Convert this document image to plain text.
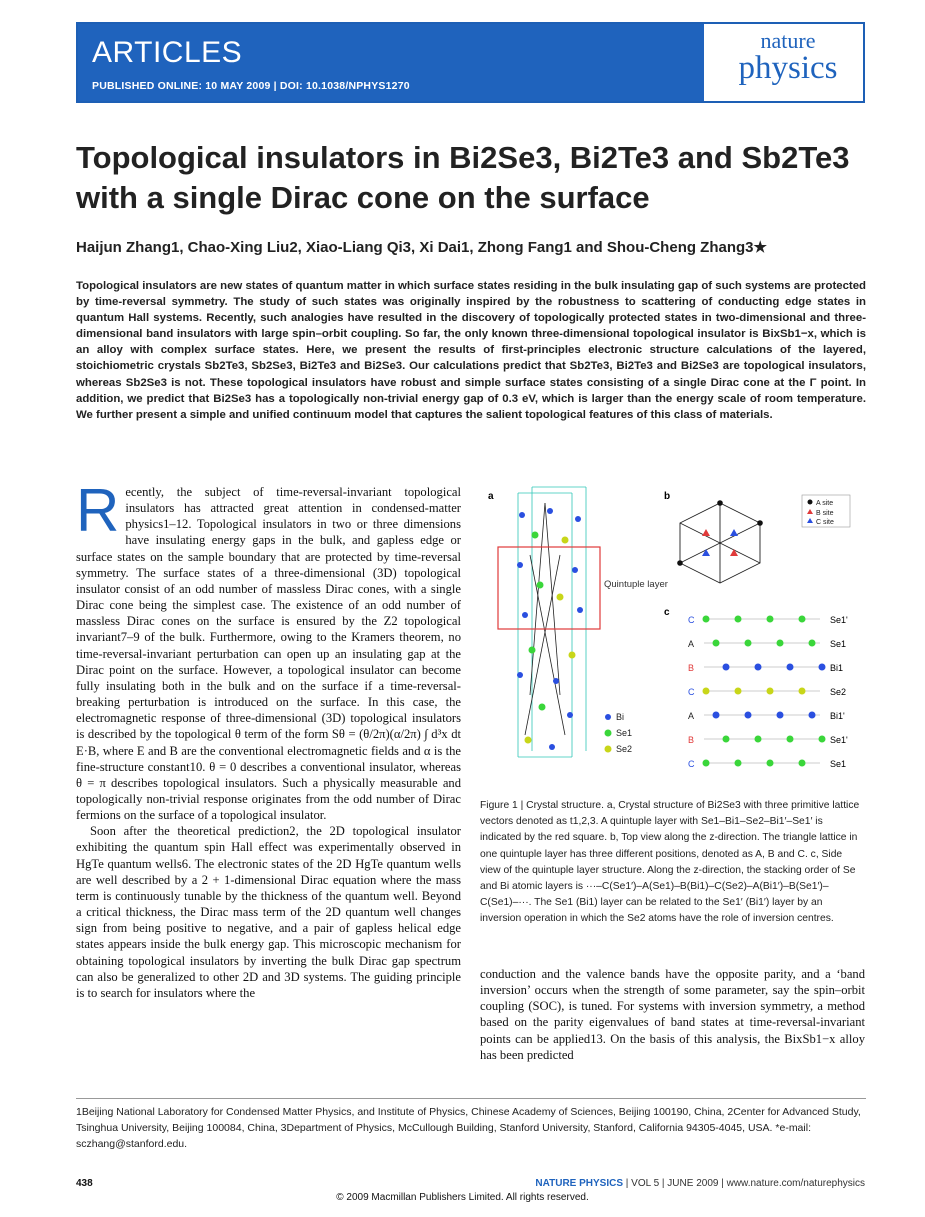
ARTICLES
PUBLISHED ONLINE: 10 MAY 2009 | DOI: 10.1038/NPHYS1270
nature
physics
Topological insulators in Bi2Se3, Bi2Te3 and Sb2Te3 with a single Dirac cone on the surface
Haijun Zhang1, Chao-Xing Liu2, Xiao-Liang Qi3, Xi Dai1, Zhong Fang1 and Shou-Cheng Zhang3★
Topological insulators are new states of quantum matter in which surface states residing in the bulk insulating gap of such systems are protected by time-reversal symmetry. The study of such states was originally inspired by the robustness to scattering of conducting edge states in quantum Hall systems. Recently, such analogies have resulted in the discovery of topologically protected states in two-dimensional and three-dimensional band insulators with large spin–orbit coupling. So far, the only known three-dimensional topological insulator is BixSb1−x, which is an alloy with complex surface states. Here, we present the results of first-principles electronic structure calculations of the layered, stoichiometric crystals Sb2Te3, Sb2Se3, Bi2Te3 and Bi2Se3. Our calculations predict that Sb2Te3, Bi2Te3 and Bi2Se3 are topological insulators, whereas Sb2Se3 is not. These topological insulators have robust and simple surface states consisting of a single Dirac cone at the Γ point. In addition, we predict that Bi2Se3 has a topologically non-trivial energy gap of 0.3 eV, which is larger than the energy scale of room temperature. We further present a simple and unified continuum model that captures the salient topological features of this class of materials.

Recently, the subject of time-reversal-invariant topological insulators has attracted great attention in condensed-matter physics1–12. Topological insulators in two or three dimensions have insulating energy gaps in the bulk, and gapless edge or surface states on the sample boundary that are protected by time-reversal symmetry. The surface states of a three-dimensional (3D) topological insulator consist of an odd number of massless Dirac cones, with a single Dirac cone being the simplest case. The existence of an odd number of massless Dirac cones on the surface is ensured by the Z2 topological invariant7–9 of the bulk. Furthermore, owing to the Kramers theorem, no time-reversal-invariant perturbation can open up an insulating gap at the Dirac point on the surface. However, a topological insulator can become fully insulating both in the bulk and on the surface if a time-reversal-breaking perturbation is introduced on the surface. In this case, the electromagnetic response of three-dimensional (3D) topological insulators is described by the topological θ term of the form Sθ = (θ/2π)(α/2π) ∫ d³x dt E·B, where E and B are the conventional electromagnetic fields and α is the fine-structure constant10. θ = 0 describes a conventional insulator, whereas θ = π describes topological insulators. Such a physically measurable and topologically non-trivial response originates from the odd number of Dirac fermions on the surface of a topological insulator.

Soon after the theoretical prediction2, the 2D topological insulator exhibiting the quantum spin Hall effect was experimentally observed in HgTe quantum wells6. The electronic states of the 2D HgTe quantum wells are well described by a 2 + 1-dimensional Dirac equation where the mass term is continuously tunable by the thickness of the quantum well. Beyond a critical thickness, the Dirac mass term of the 2D quantum well changes sign from being positive to negative, and a pair of gapless helical edge states appears inside the bulk energy gap. This microscopic mechanism for obtaining topological insulators by inverting the bulk Dirac gap spectrum can also be generalized to other 2D and 3D systems. The guiding principle is to search for insulators where the

a
Quintuple layer
Bi
Se1
Se2
b
A site
B site
C site
c
C	Se1'
A	Se1
B	Bi1
C	Se2
A	Bi1'
B	Se1'
C	Se1
Figure 1 | Crystal structure. a, Crystal structure of Bi2Se3 with three primitive lattice vectors denoted as t1,2,3. A quintuple layer with Se1–Bi1–Se2–Bi1′–Se1′ is indicated by the red square. b, Top view along the z-direction. The triangle lattice in one quintuple layer has three different positions, denoted as A, B and C. c, Side view of the quintuple layer structure. Along the z-direction, the stacking order of Se and Bi atomic layers is ···–C(Se1′)–A(Se1)–B(Bi1)–C(Se2)–A(Bi1′)–B(Se1′)–C(Se1)–···. The Se1 (Bi1) layer can be related to the Se1′ (Bi1′) layer by an inversion operation in which the Se2 atoms have the role of inversion centres.
conduction and the valence bands have the opposite parity, and a ‘band inversion’ occurs when the strength of some parameter, say the spin–orbit coupling (SOC), is tuned. For systems with inversion symmetry, a method based on the parity eigenvalues of band states at time-reversal-invariant points can be applied13. On the basis of this analysis, the BixSb1−x alloy has been predicted
1Beijing National Laboratory for Condensed Matter Physics, and Institute of Physics, Chinese Academy of Sciences, Beijing 100190, China, 2Center for Advanced Study, Tsinghua University, Beijing 100084, China, 3Department of Physics, McCullough Building, Stanford University, Stanford, California 94305-4045, USA. *e-mail: sczhang@stanford.edu.
438	NATURE PHYSICS | VOL 5 | JUNE 2009 | www.nature.com/naturephysics
© 2009 Macmillan Publishers Limited. All rights reserved.
